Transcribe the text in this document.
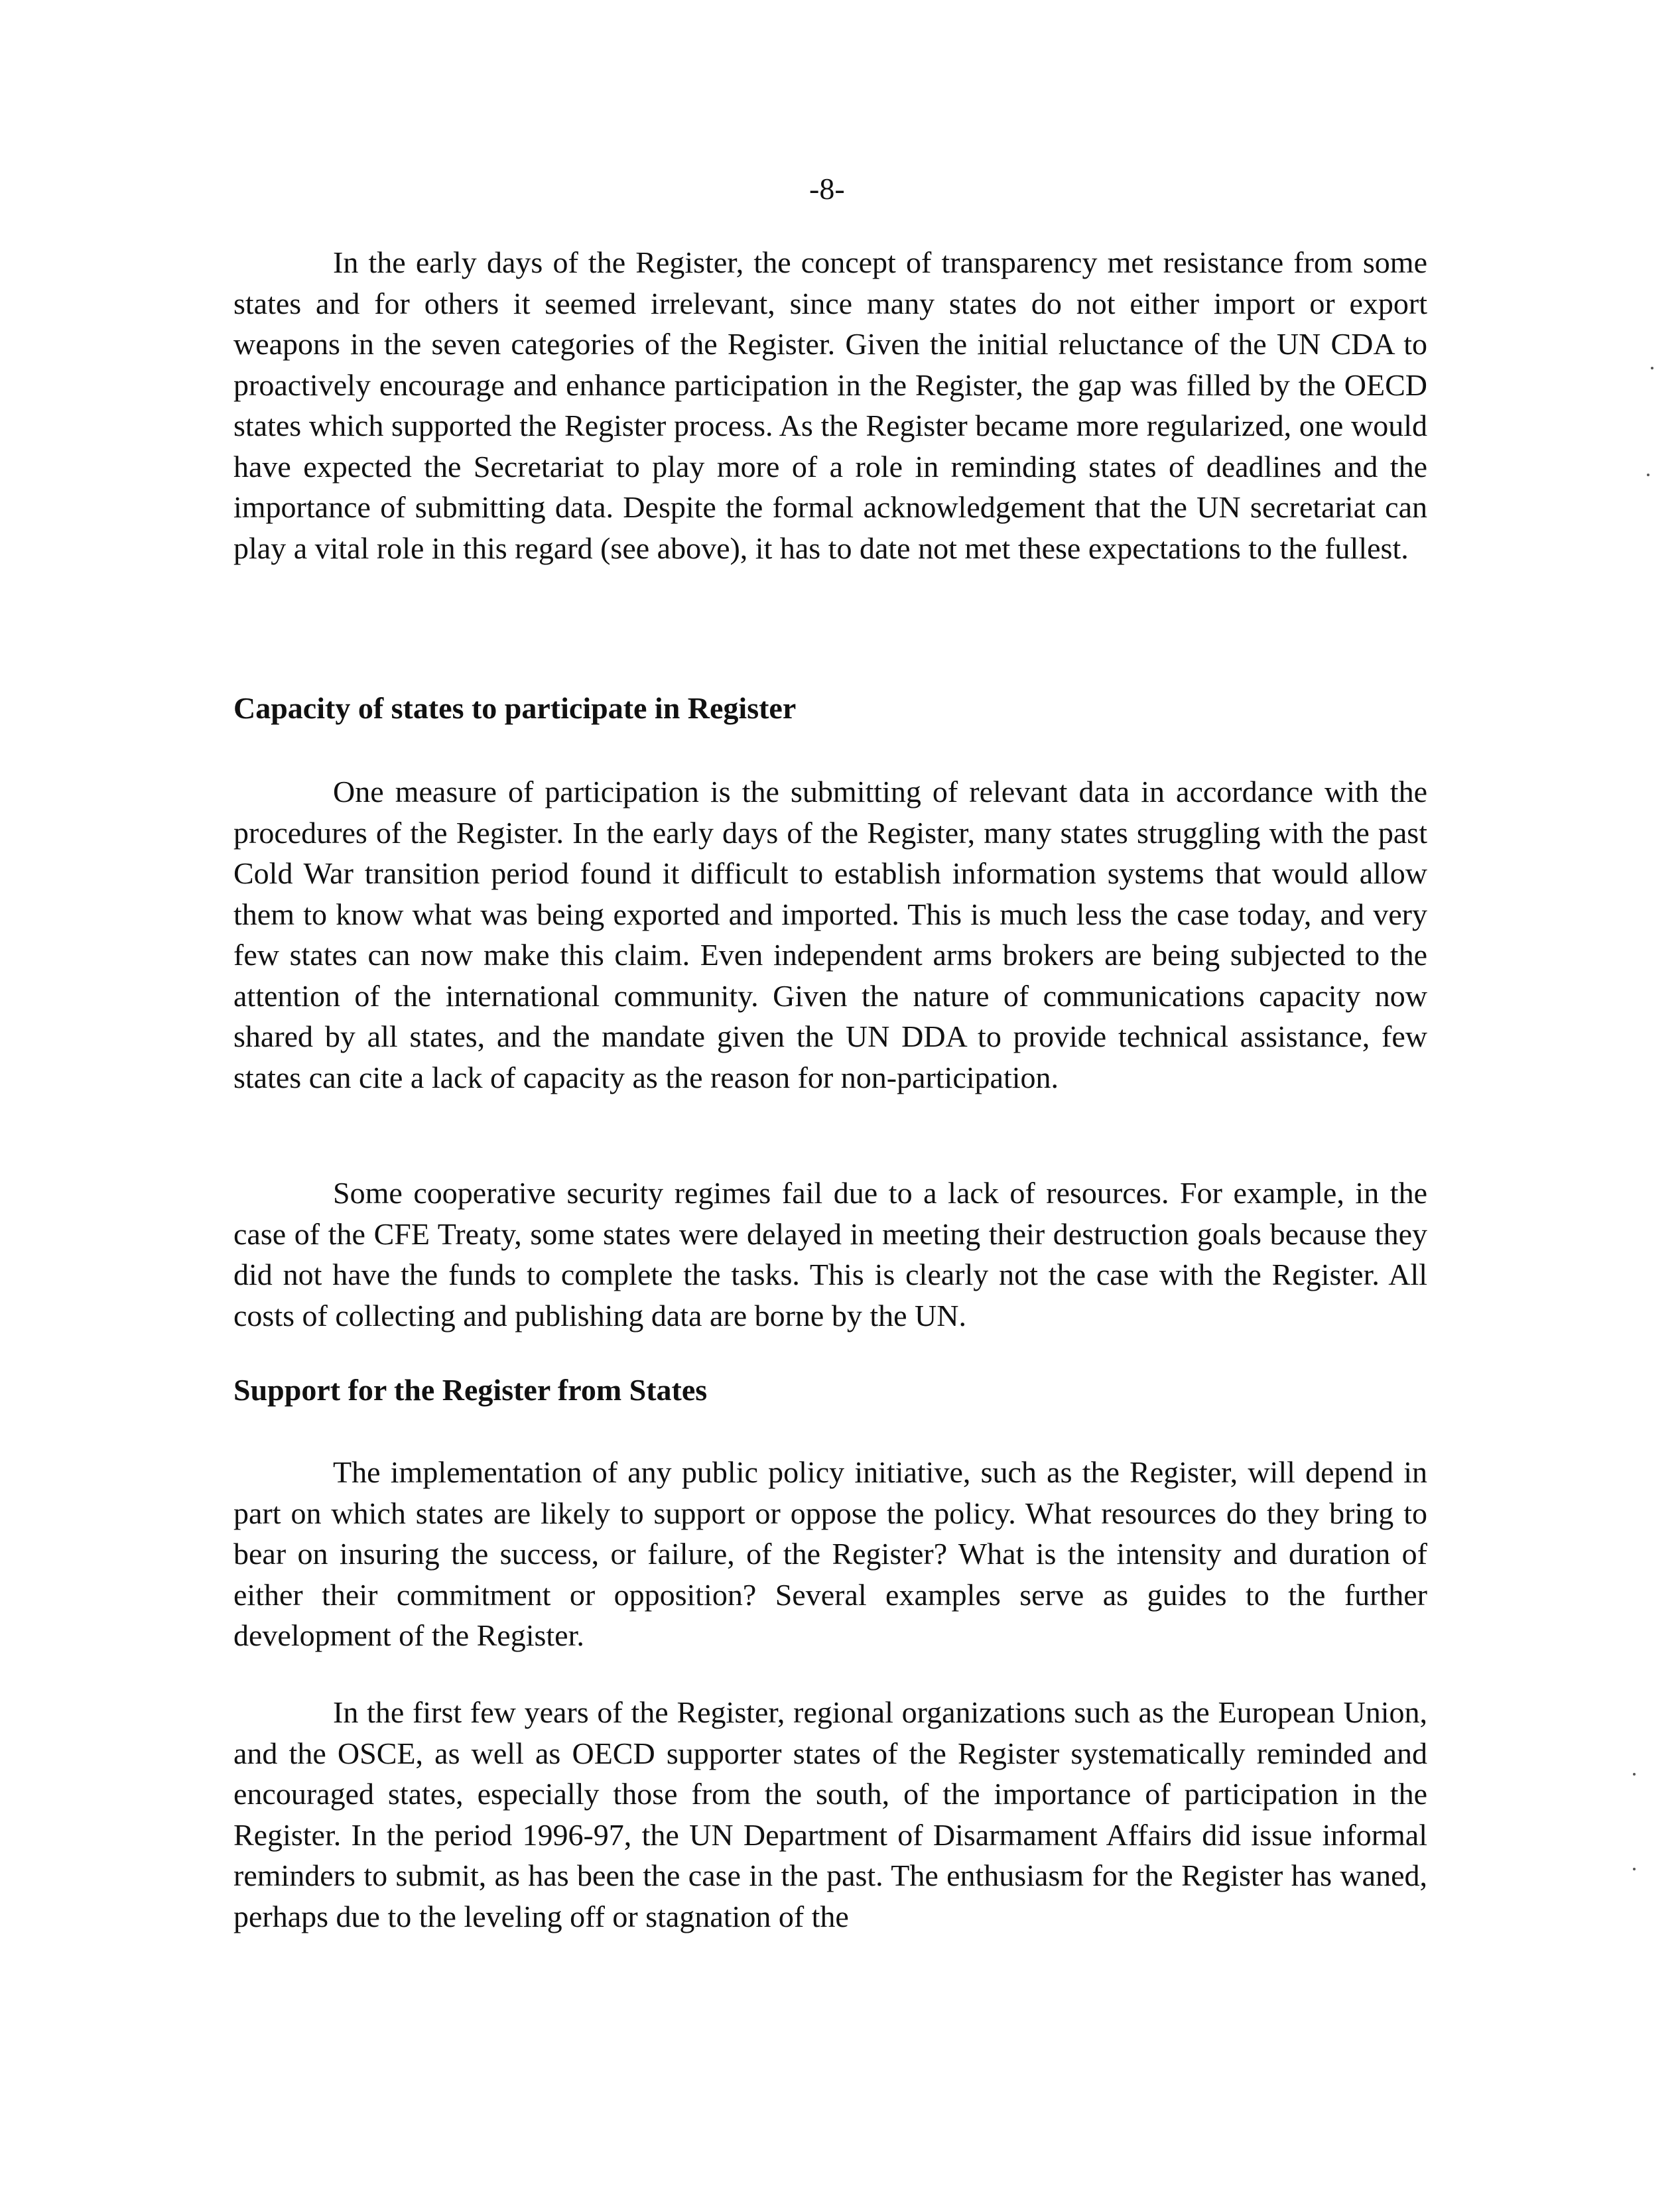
-8-

In the early days of the Register, the concept of transparency met resistance from some states and for others it seemed irrelevant, since many states do not either import or export weapons in the seven categories of the Register. Given the initial reluctance of the UN CDA to proactively encourage and enhance participation in the Register, the gap was filled by the OECD states which supported the Register process. As the Register became more regularized, one would have expected the Secretariat to play more of a role in reminding states of deadlines and the importance of submitting data. Despite the formal acknowledgement that the UN secretariat can play a vital role in this regard (see above), it has to date not met these expectations to the fullest.

Capacity of states to participate in Register

One measure of participation is the submitting of relevant data in accordance with the procedures of the Register. In the early days of the Register, many states struggling with the past Cold War transition period found it difficult to establish information systems that would allow them to know what was being exported and imported. This is much less the case today, and very few states can now make this claim. Even independent arms brokers are being subjected to the attention of the international community. Given the nature of communications capacity now shared by all states, and the mandate given the UN DDA to provide technical assistance, few states can cite a lack of capacity as the reason for non-participation.

Some cooperative security regimes fail due to a lack of resources. For example, in the case of the CFE Treaty, some states were delayed in meeting their destruction goals because they did not have the funds to complete the tasks. This is clearly not the case with the Register. All costs of collecting and publishing data are borne by the UN.

Support for the Register from States

The implementation of any public policy initiative, such as the Register, will depend in part on which states are likely to support or oppose the policy. What resources do they bring to bear on insuring the success, or failure, of the Register? What is the intensity and duration of either their commitment or opposition? Several examples serve as guides to the further development of the Register.

In the first few years of the Register, regional organizations such as the European Union, and the OSCE, as well as OECD supporter states of the Register systematically reminded and encouraged states, especially those from the south, of the importance of participation in the Register. In the period 1996-97, the UN Department of Disarmament Affairs did issue informal reminders to submit, as has been the case in the past. The enthusiasm for the Register has waned, perhaps due to the leveling off or stagnation of the
